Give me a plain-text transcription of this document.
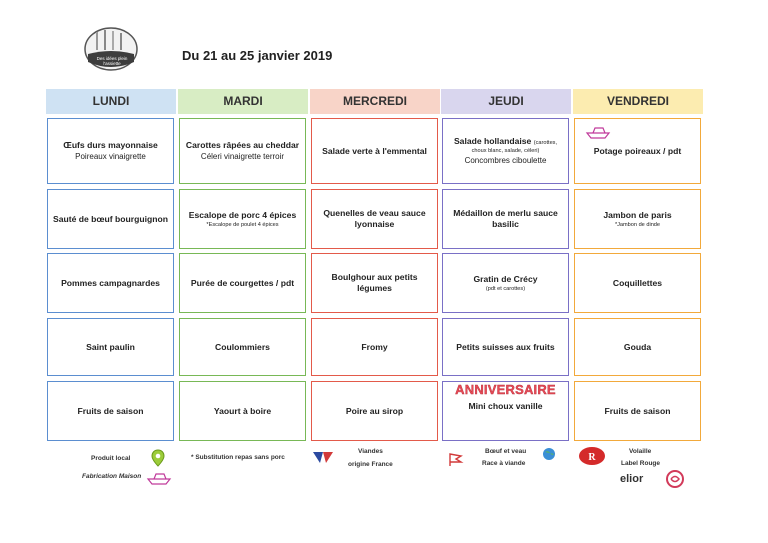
Des idées plein l'assiette
Du 21 au 25 janvier 2019
LUNDI
Œufs durs mayonnaise
Poireaux vinaigrette
Sauté de bœuf bourguignon
Pommes campagnardes
Saint paulin
Fruits de saison
MARDI
Carottes râpées au cheddar
Céleri vinaigrette terroir
Escalope de porc 4 épices
*Escalope de poulet 4 épices
Purée de courgettes / pdt
Coulommiers
Yaourt à boire
MERCREDI
Salade verte à l'emmental
Quenelles de veau sauce lyonnaise
Boulghour aux petits légumes
Fromy
Poire au sirop
JEUDI
Salade hollandaise (carottes,
choux blanc, salade, céleri)
Concombres ciboulette
Médaillon de merlu sauce basilic
Gratin de Crécy
(pdt et carottes)
Petits suisses aux fruits
ANNIVERSAIRE
Mini choux vanille
VENDREDI
Potage poireaux / pdt
Jambon de paris
*Jambon de dinde
Coquillettes
Gouda
Fruits de saison
Produit local
Fabrication Maison
* Substitution repas sans porc
Viandes
origine France
Bœuf et veau
Race à viande
R
Volaille
Label Rouge
elior
